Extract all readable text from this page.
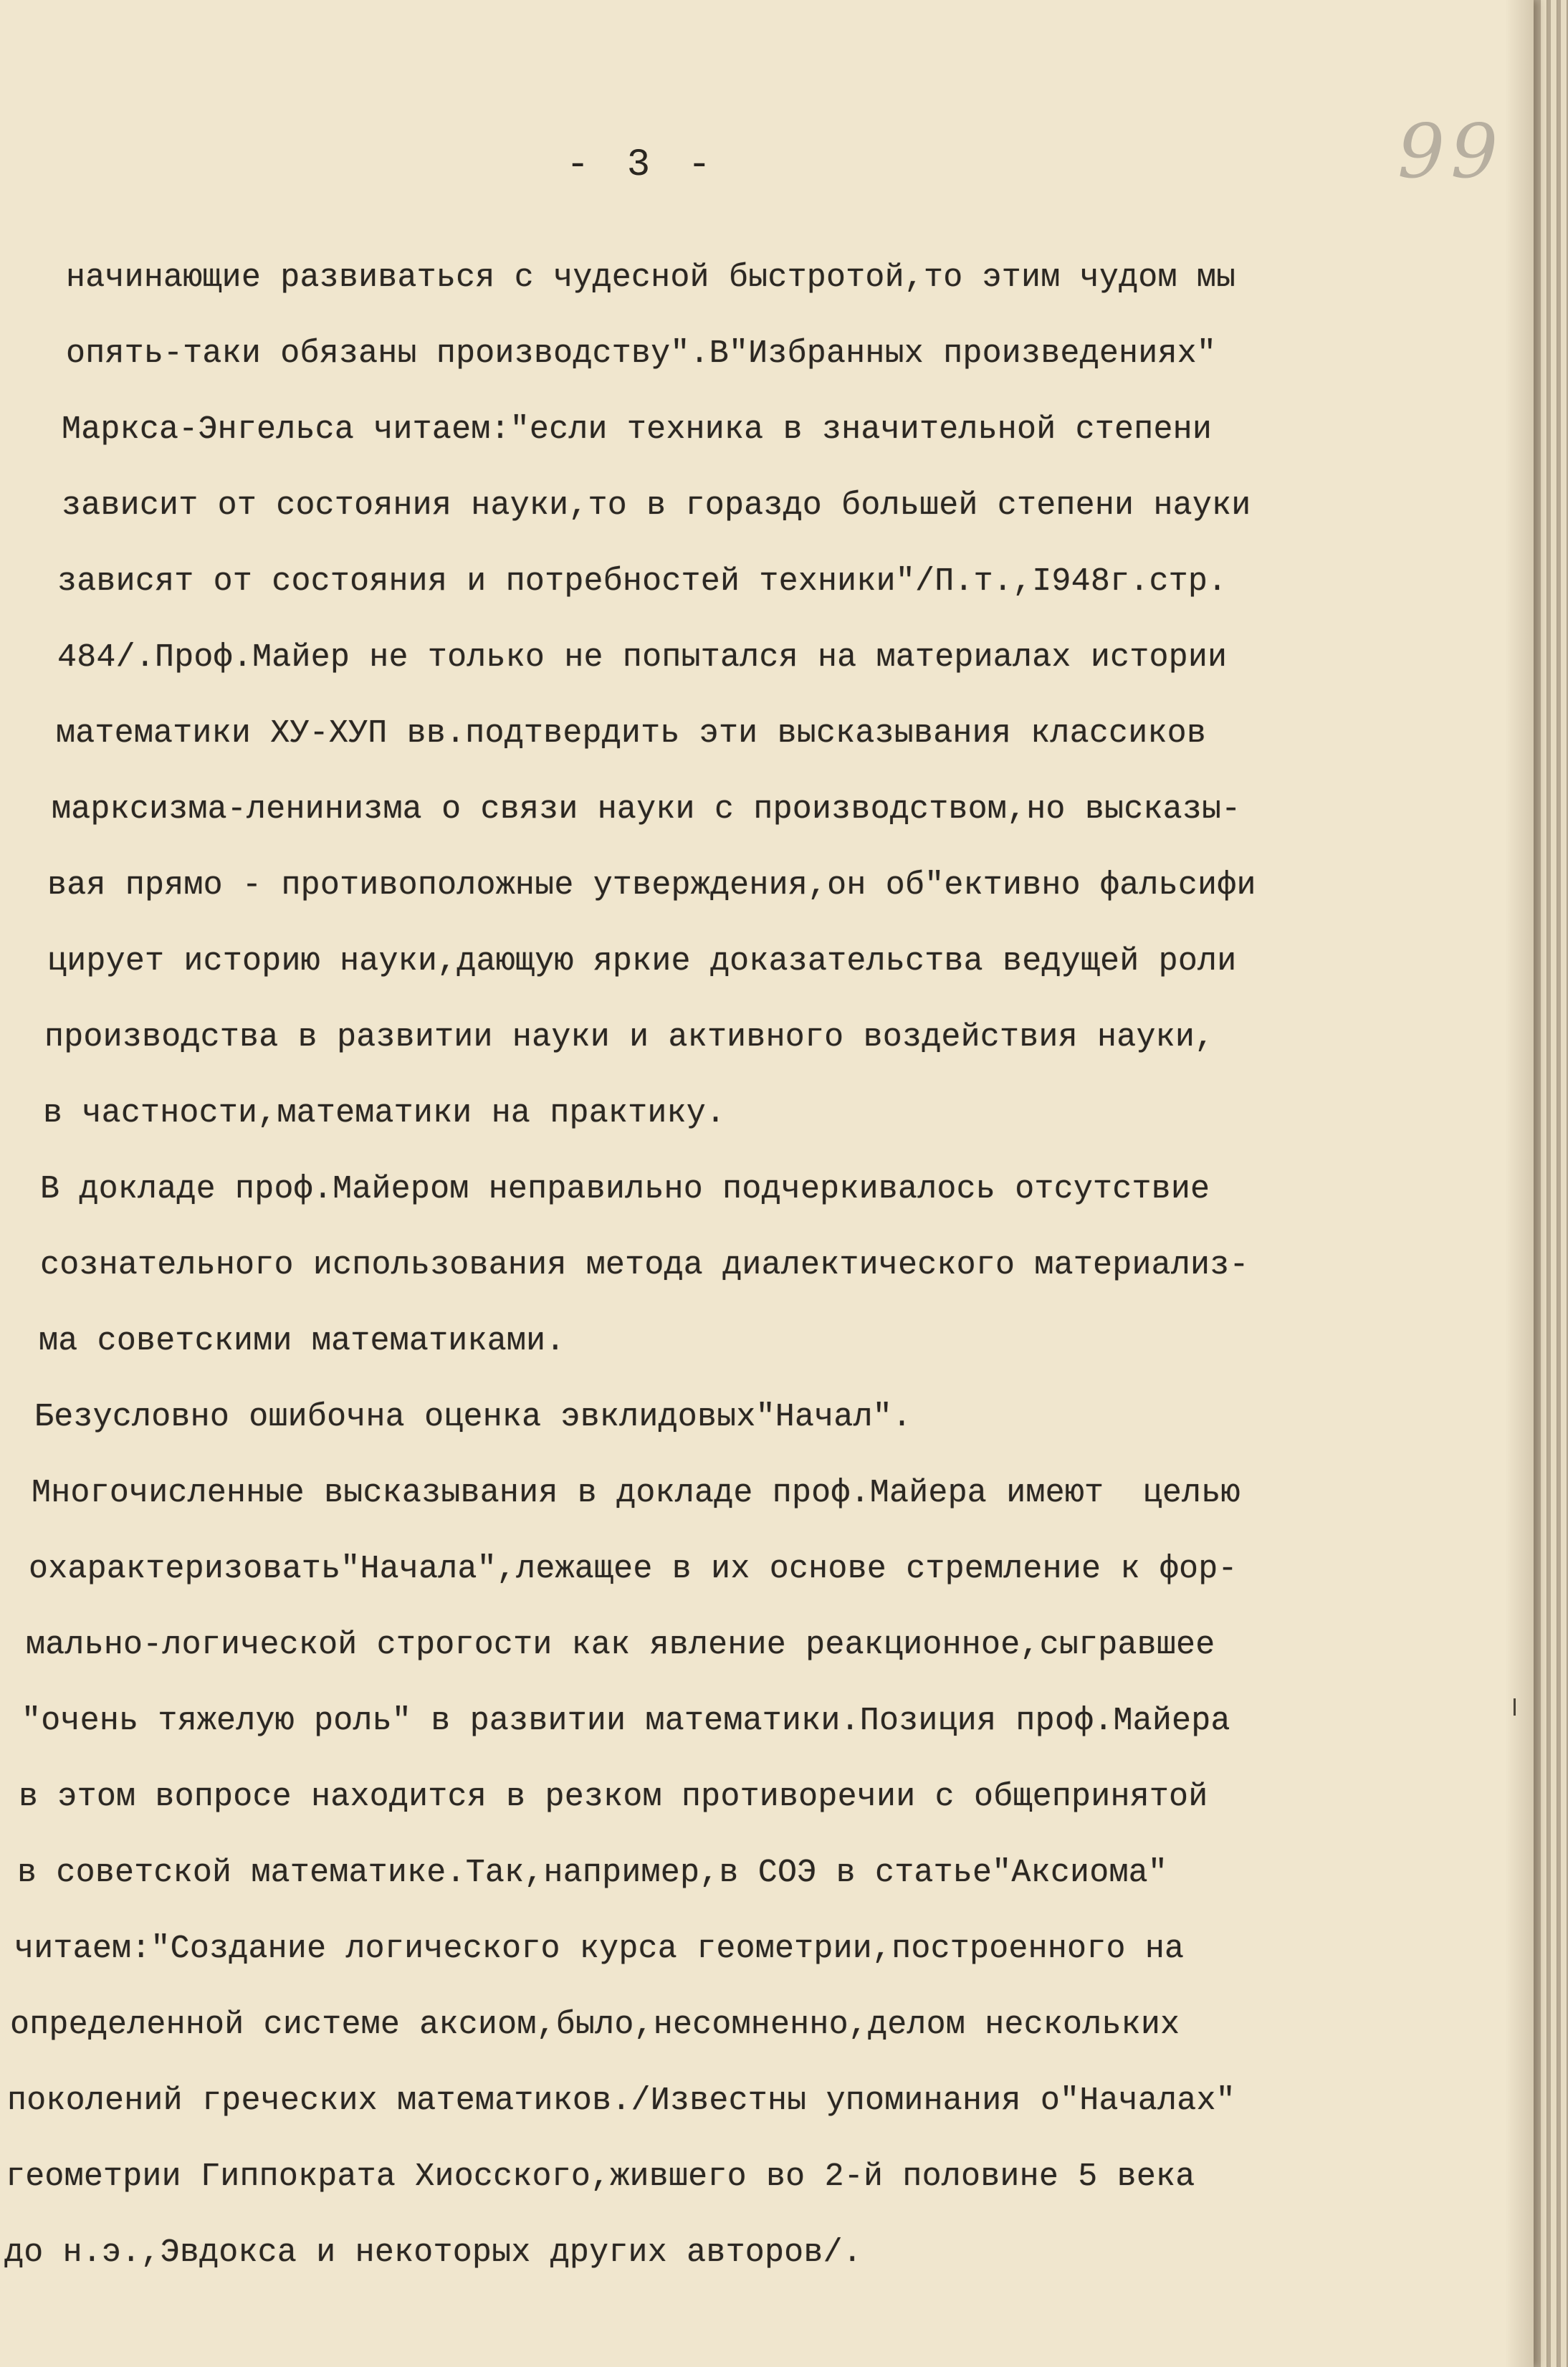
- 3 -	99
начинающие развиваться с чудесной быстротой,то этим чудом мы
опять-таки обязаны производству".В"Избранных произведениях"
Маркса-Энгельса читаем:"если техника в значительной степени
зависит от состояния науки,то в гораздо большей степени науки
зависят от состояния и потребностей техники"/П.т.,I948г.стр.
484/.Проф.Майер не только не попытался на материалах истории
математики ХУ-ХУП вв.подтвердить эти высказывания классиков
марксизма-ленинизма о связи науки с производством,но высказы-
вая прямо - противоположные утверждения,он об"ективно фальсифи
цирует историю науки,дающую яркие доказательства ведущей роли
производства в развитии науки и активного воздействия науки,
в частности,математики на практику.
В докладе проф.Майером неправильно подчеркивалось отсутствие
сознательного использования метода диалектического материализ-
ма советскими математиками.
Безусловно ошибочна оценка эвклидовых"Начал".
Многочисленные высказывания в докладе проф.Майера имеют  целью
охарактеризовать"Начала",лежащее в их основе стремление к фор-
мально-логической строгости как явление реакционное,сыгравшее
"очень тяжелую роль" в развитии математики.Позиция проф.Майера
в этом вопросе находится в резком противоречии с общепринятой
в советской математике.Так,например,в СОЭ в статье"Аксиома"
читаем:"Создание логического курса геометрии,построенного на
определенной системе аксиом,было,несомненно,делом нескольких
поколений греческих математиков./Известны упоминания о"Началах"
геометрии Гиппократа Хиосского,жившего во 2-й половине 5 века
до н.э.,Эвдокса и некоторых других авторов/.
